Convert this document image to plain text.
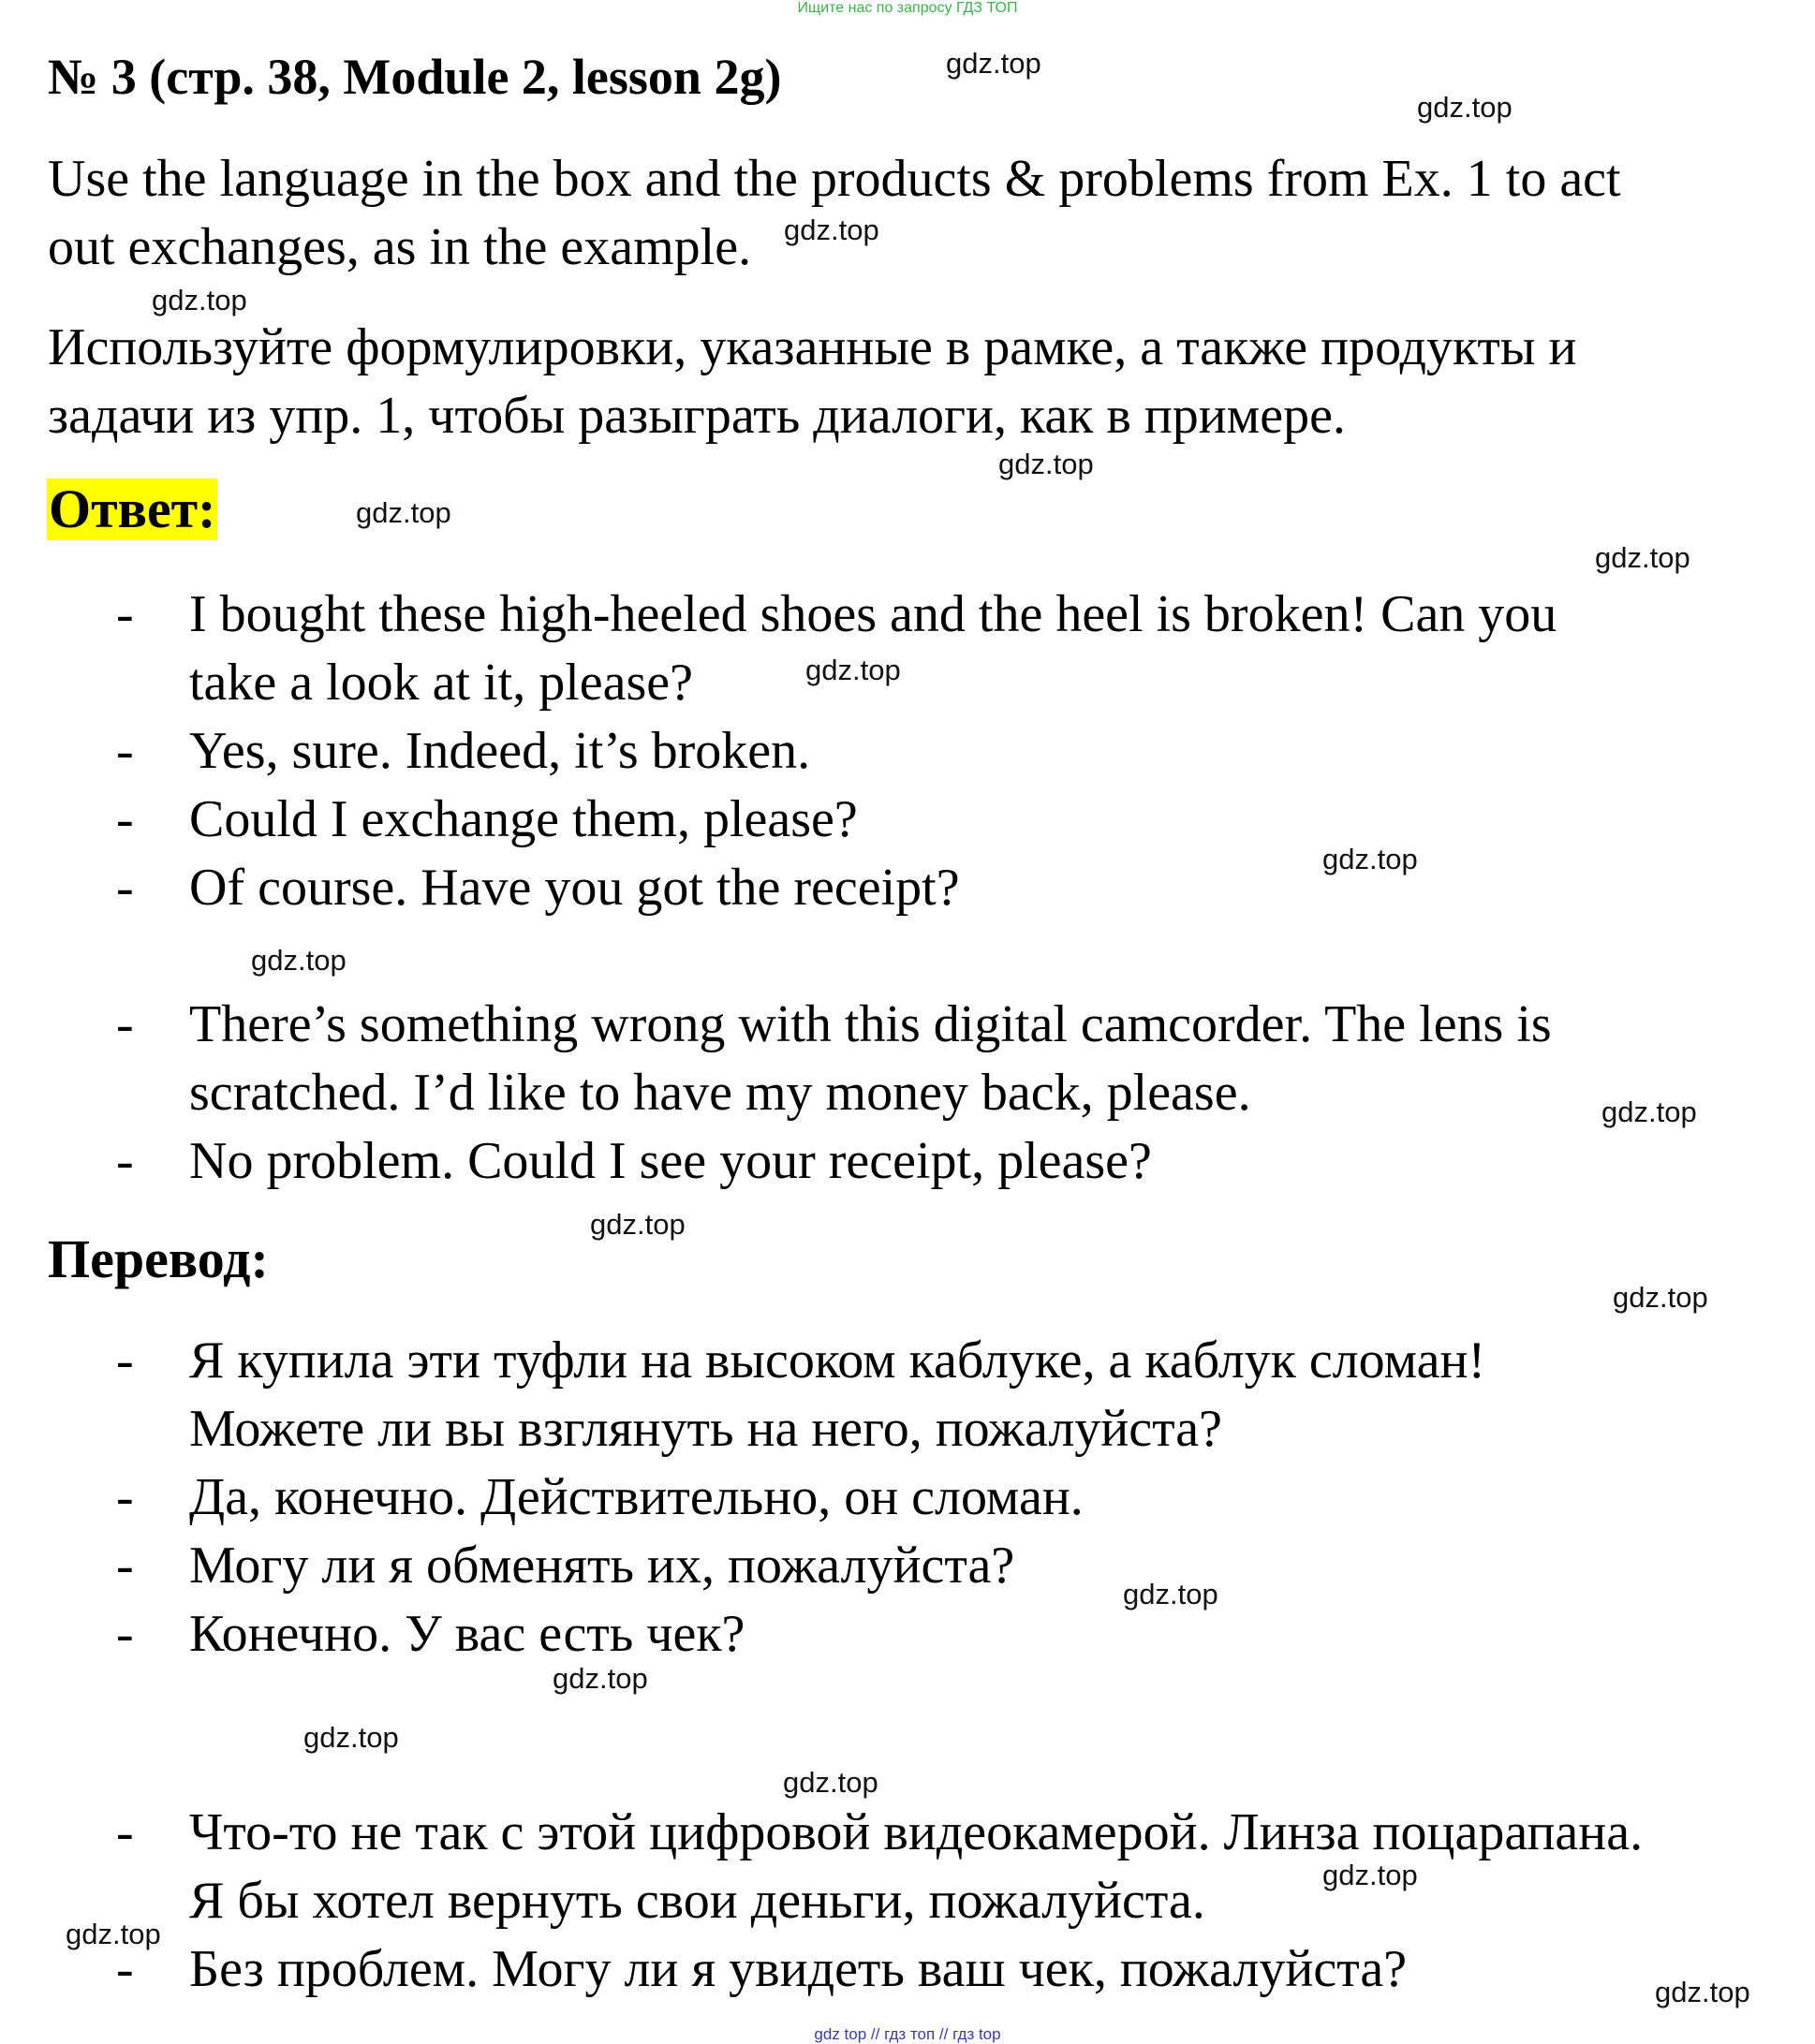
Ищите нас по запросу ГДЗ ТОП
№ 3 (стр. 38, Module 2, lesson 2g)
Use the language in the box and the products & problems from Ex. 1 to act
out exchanges, as in the example.
Используйте формулировки, указанные в рамке, а также продукты и
задачи из упр. 1, чтобы разыграть диалоги, как в примере.
Ответ:
- I bought these high-heeled shoes and the heel is broken! Can you
take a look at it, please?
- Yes, sure. Indeed, it’s broken.
- Could I exchange them, please?
- Of course. Have you got the receipt?
- There’s something wrong with this digital camcorder. The lens is
scratched. I’d like to have my money back, please.
- No problem. Could I see your receipt, please?
Перевод:
- Я купила эти туфли на высоком каблуке, а каблук сломан!
Можете ли вы взглянуть на него, пожалуйста?
- Да, конечно. Действительно, он сломан.
- Могу ли я обменять их, пожалуйста?
- Конечно. У вас есть чек?
- Что-то не так с этой цифровой видеокамерой. Линза поцарапана.
Я бы хотел вернуть свои деньги, пожалуйста.
- Без проблем. Могу ли я увидеть ваш чек, пожалуйста?
gdz.top
gdz.top
gdz.top
gdz.top
gdz.top
gdz.top
gdz.top
gdz.top
gdz.top
gdz.top
gdz.top
gdz.top
gdz.top
gdz.top
gdz.top
gdz.top
gdz.top
gdz.top
gdz.top
gdz.top
gdz top // гдз топ // гдз top
